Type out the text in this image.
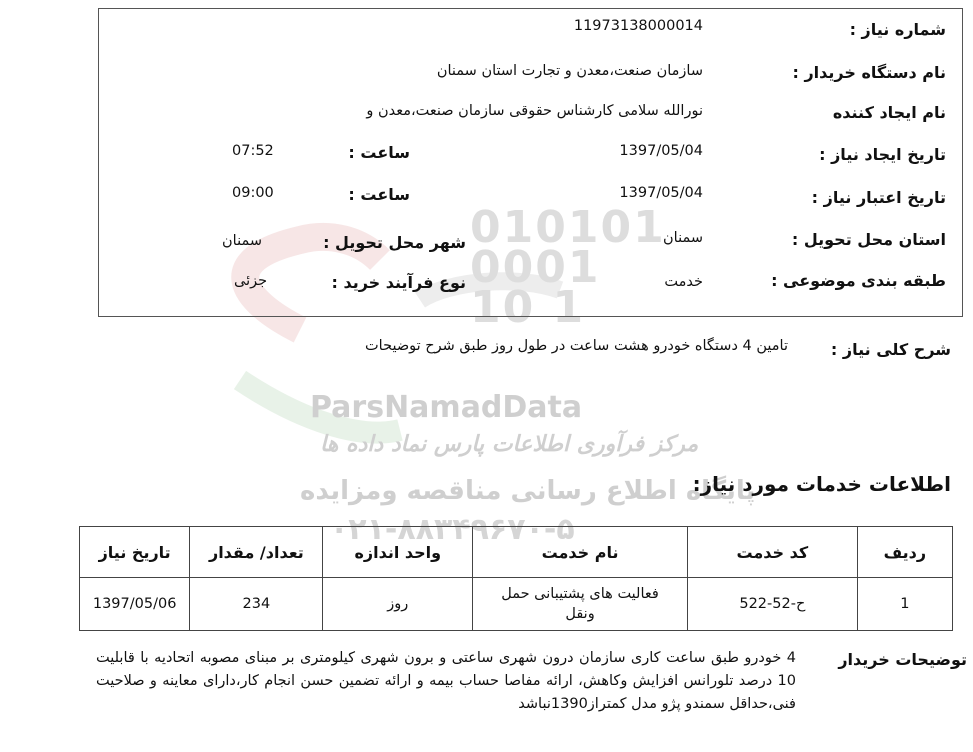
010101 0001 10 1
ParsNamadData
مرکز فرآوری اطلاعات پارس نماد داده ها
پایگاه اطلاع رسانی مناقصه ومزایده
۰۲۱-۸۸۳۴۹۶۷۰-۵
شماره نیاز :
11973138000014
نام دستگاه خریدار :
سازمان صنعت،معدن و تجارت استان سمنان
نام ایجاد کننده
نورالله سلامی کارشناس حقوقی سازمان صنعت،معدن و
تاریخ ایجاد نیاز :
1397/05/04
ساعت :
07:52
تاریخ اعتبار نیاز :
1397/05/04
ساعت :
09:00
استان محل تحویل :
سمنان
شهر محل تحویل :
سمنان
طبقه بندی موضوعی :
خدمت
نوع فرآیند خرید :
جزئی
شرح کلی نیاز :
تامین 4 دستگاه خودرو هشت ساعت در طول روز طبق شرح توضیحات
اطلاعات خدمات مورد نیاز:
ردیف	کد خدمت	نام خدمت	واحد اندازه	تعداد/ مقدار	تاریخ نیاز
1	ح-52-522	فعالیت های پشتیبانی حمل ونقل	روز	234	1397/05/06
توضیحات خریدار
4 خودرو طبق ساعت کاری سازمان درون شهری ساعتی و برون شهری کیلومتری بر مبنای مصوبه اتحادیه با قابلیت 10 درصد تلورانس افزایش وکاهش، ارائه مفاصا حساب بیمه و ارائه تضمین حسن انجام کار،دارای معاینه و صلاحیت فنی،حداقل سمندو پژو مدل کمتراز1390نباشد
